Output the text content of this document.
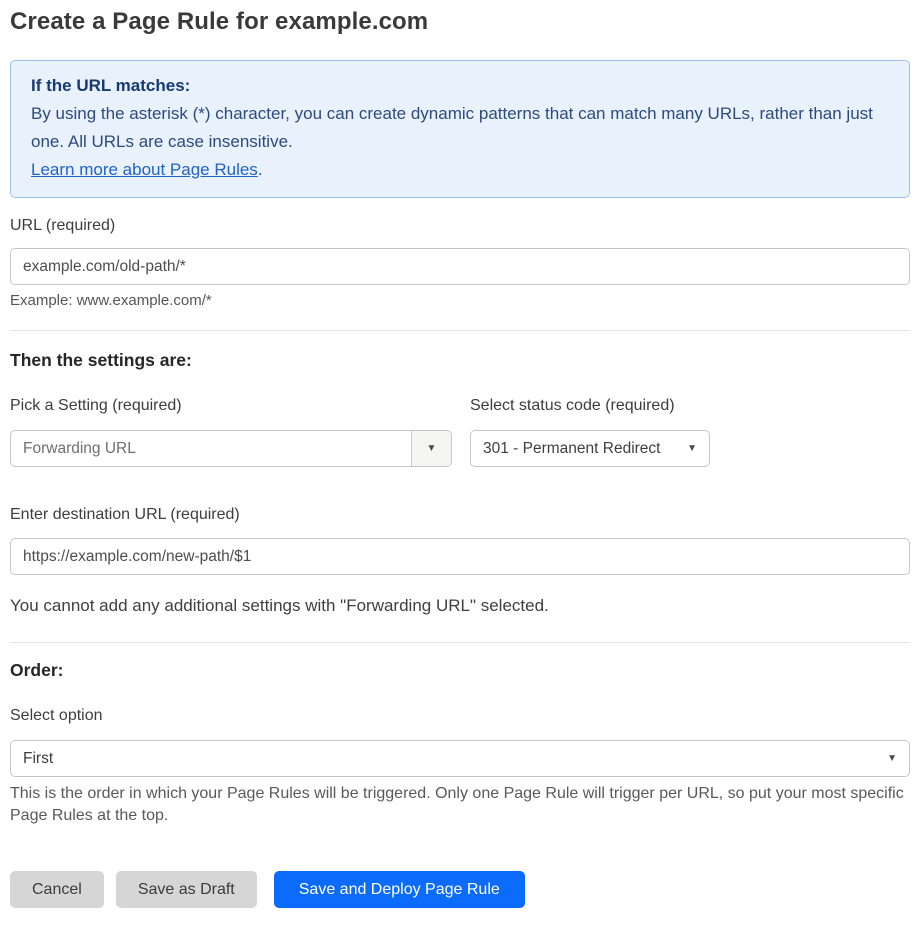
Create a Page Rule for example.com
If the URL matches:
By using the asterisk (*) character, you can create dynamic patterns that can match many URLs, rather than just one. All URLs are case insensitive.
Learn more about Page Rules.
URL (required)
example.com/old-path/*
Example: www.example.com/*
Then the settings are:
Pick a Setting (required)
Forwarding URL	▼
Select status code (required)
301 - Permanent Redirect	▼
Enter destination URL (required)
https://example.com/new-path/$1
You cannot add any additional settings with "Forwarding URL" selected.
Order:
Select option
First	▼
This is the order in which your Page Rules will be triggered. Only one Page Rule will trigger per URL, so put your most specific Page Rules at the top.
Cancel	Save as Draft	Save and Deploy Page Rule
